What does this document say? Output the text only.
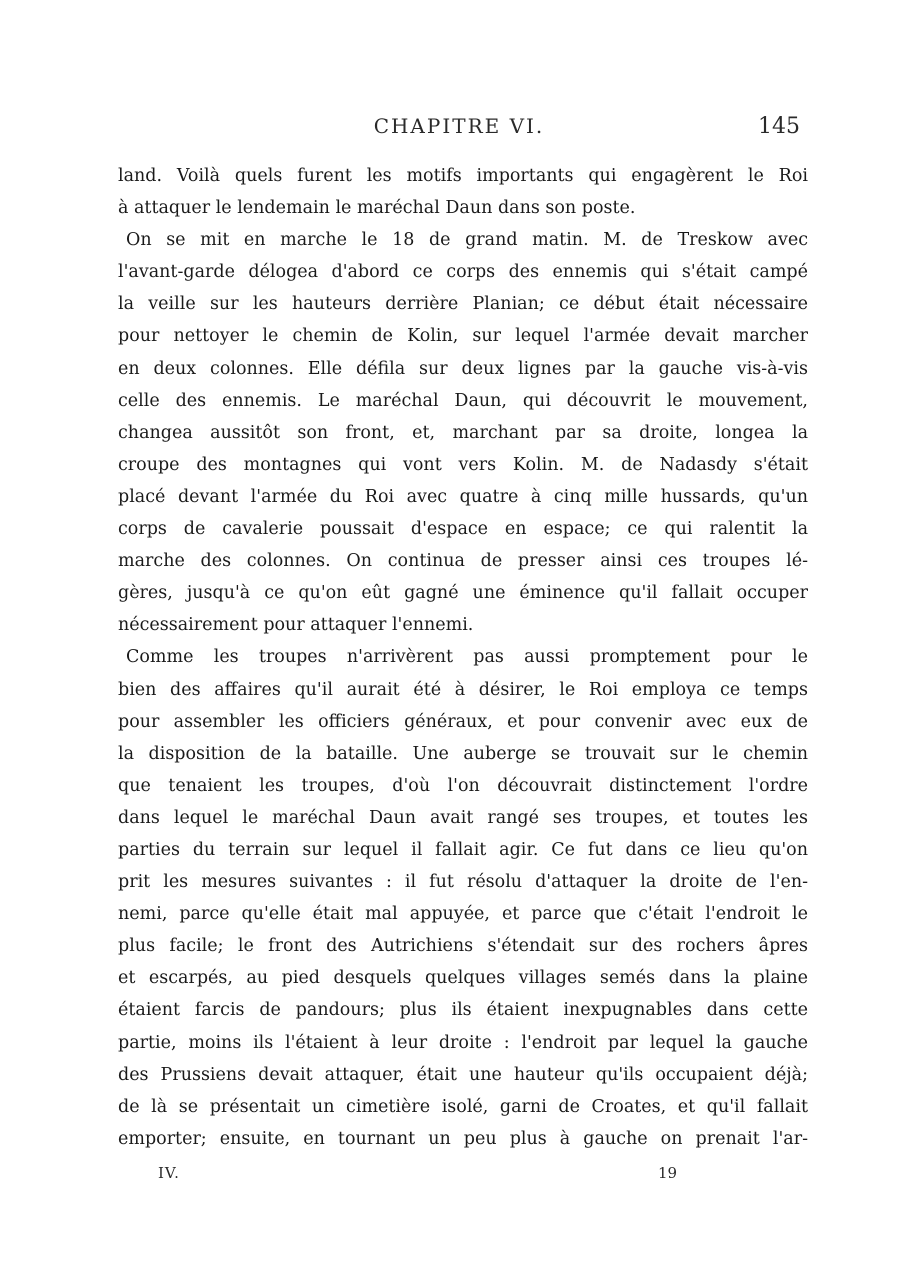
CHAPITRE VI.	145
land. Voilà quels furent les motifs importants qui engagèrent le Roi
à attaquer le lendemain le maréchal Daun dans son poste.
On se mit en marche le 18 de grand matin. M. de Treskow avec
l'avant-garde délogea d'abord ce corps des ennemis qui s'était campé
la veille sur les hauteurs derrière Planian; ce début était nécessaire
pour nettoyer le chemin de Kolin, sur lequel l'armée devait marcher
en deux colonnes. Elle défila sur deux lignes par la gauche vis-à-vis
celle des ennemis. Le maréchal Daun, qui découvrit le mouvement,
changea aussitôt son front, et, marchant par sa droite, longea la
croupe des montagnes qui vont vers Kolin. M. de Nadasdy s'était
placé devant l'armée du Roi avec quatre à cinq mille hussards, qu'un
corps de cavalerie poussait d'espace en espace; ce qui ralentit la
marche des colonnes. On continua de presser ainsi ces troupes lé-
gères, jusqu'à ce qu'on eût gagné une éminence qu'il fallait occuper
nécessairement pour attaquer l'ennemi.
Comme les troupes n'arrivèrent pas aussi promptement pour le
bien des affaires qu'il aurait été à désirer, le Roi employa ce temps
pour assembler les officiers généraux, et pour convenir avec eux de
la disposition de la bataille. Une auberge se trouvait sur le chemin
que tenaient les troupes, d'où l'on découvrait distinctement l'ordre
dans lequel le maréchal Daun avait rangé ses troupes, et toutes les
parties du terrain sur lequel il fallait agir. Ce fut dans ce lieu qu'on
prit les mesures suivantes : il fut résolu d'attaquer la droite de l'en-
nemi, parce qu'elle était mal appuyée, et parce que c'était l'endroit le
plus facile; le front des Autrichiens s'étendait sur des rochers âpres
et escarpés, au pied desquels quelques villages semés dans la plaine
étaient farcis de pandours; plus ils étaient inexpugnables dans cette
partie, moins ils l'étaient à leur droite : l'endroit par lequel la gauche
des Prussiens devait attaquer, était une hauteur qu'ils occupaient déjà;
de là se présentait un cimetière isolé, garni de Croates, et qu'il fallait
emporter; ensuite, en tournant un peu plus à gauche on prenait l'ar-
IV.	19
